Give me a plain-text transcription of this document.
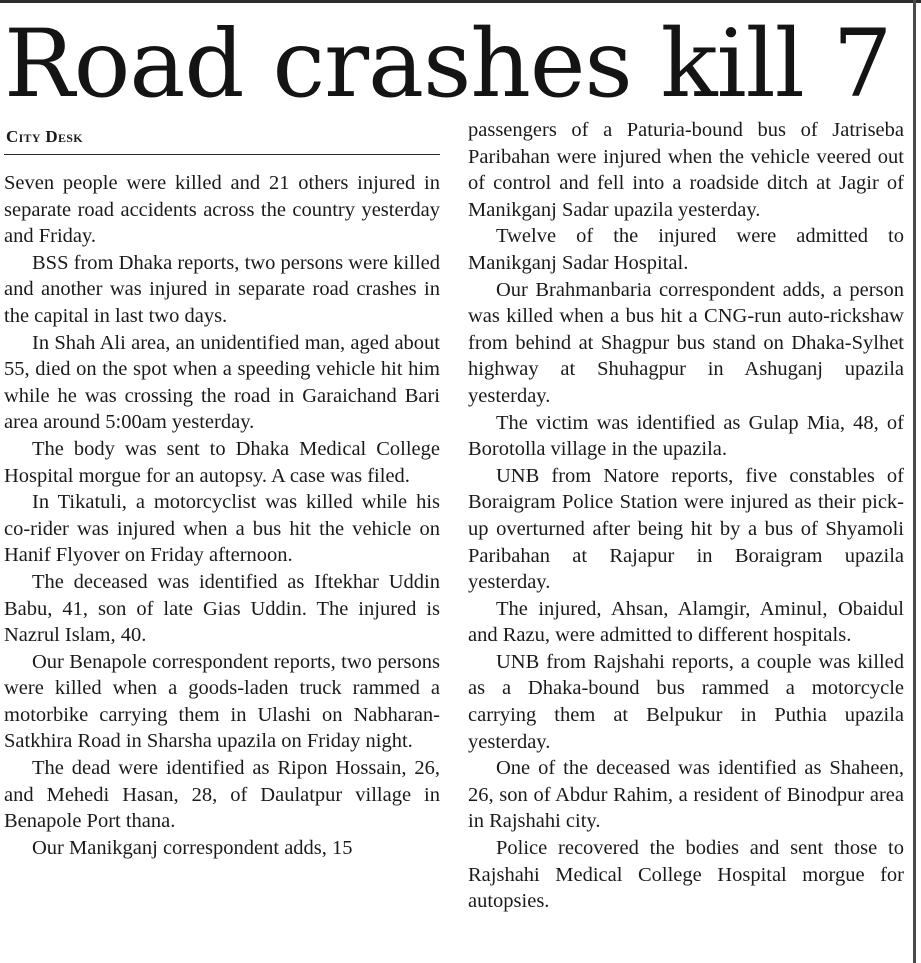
Road crashes kill 7
City Desk

Seven people were killed and 21 others injured in separate road accidents across the country yesterday and Friday.

BSS from Dhaka reports, two persons were killed and another was injured in separate road crashes in the capital in last two days.

In Shah Ali area, an unidentified man, aged about 55, died on the spot when a speeding vehicle hit him while he was crossing the road in Garaichand Bari area around 5:00am yesterday.

The body was sent to Dhaka Medical College Hospital morgue for an autopsy. A case was filed.

In Tikatuli, a motorcyclist was killed while his co-rider was injured when a bus hit the vehicle on Hanif Flyover on Friday afternoon.

The deceased was identified as Iftekhar Uddin Babu, 41, son of late Gias Uddin. The injured is Nazrul Islam, 40.

Our Benapole correspondent reports, two persons were killed when a goods-laden truck rammed a motorbike carrying them in Ulashi on Nabharan-Satkhira Road in Sharsha upazila on Friday night.

The dead were identified as Ripon Hossain, 26, and Mehedi Hasan, 28, of Daulatpur village in Benapole Port thana.

Our Manikganj correspondent adds, 15

passengers of a Paturia-bound bus of Jatriseba Paribahan were injured when the vehicle veered out of control and fell into a roadside ditch at Jagir of Manikganj Sadar upazila yesterday.

Twelve of the injured were admitted to Manikganj Sadar Hospital.

Our Brahmanbaria correspondent adds, a person was killed when a bus hit a CNG-run auto-rickshaw from behind at Shagpur bus stand on Dhaka-Sylhet highway at Shuhagpur in Ashuganj upazila yesterday.

The victim was identified as Gulap Mia, 48, of Borotolla village in the upazila.

UNB from Natore reports, five constables of Boraigram Police Station were injured as their pick-up overturned after being hit by a bus of Shyamoli Paribahan at Rajapur in Boraigram upazila yesterday.

The injured, Ahsan, Alamgir, Aminul, Obaidul and Razu, were admitted to different hospitals.

UNB from Rajshahi reports, a couple was killed as a Dhaka-bound bus rammed a motorcycle carrying them at Belpukur in Puthia upazila yesterday.

One of the deceased was identified as Shaheen, 26, son of Abdur Rahim, a resident of Binodpur area in Rajshahi city.

Police recovered the bodies and sent those to Rajshahi Medical College Hospital morgue for autopsies.
